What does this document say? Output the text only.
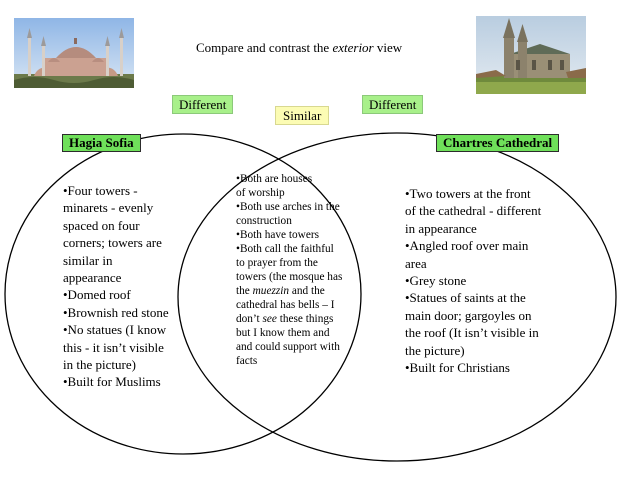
Compare and contrast the exterior view
Different
Similar
Different
Hagia Sofia	Chartres Cathedral
•Four towers -
minarets - evenly
spaced on four
corners; towers are
similar in
appearance
•Domed roof
•Brownish red stone
•No statues (I know
this - it isn’t visible
in the picture)
•Built for Muslims
•Both are houses
of worship
•Both use arches in the
construction
•Both have towers
•Both call the faithful
to prayer from the
towers (the mosque has
the muezzin and the
cathedral has bells – I
don’t see these things
but I know them and
and could support with
facts
•Two towers at the front
of the cathedral - different
in appearance
•Angled roof over main
area
•Grey stone
•Statues of saints at the
main door; gargoyles on
the roof (It isn’t visible in
the picture)
•Built for Christians
